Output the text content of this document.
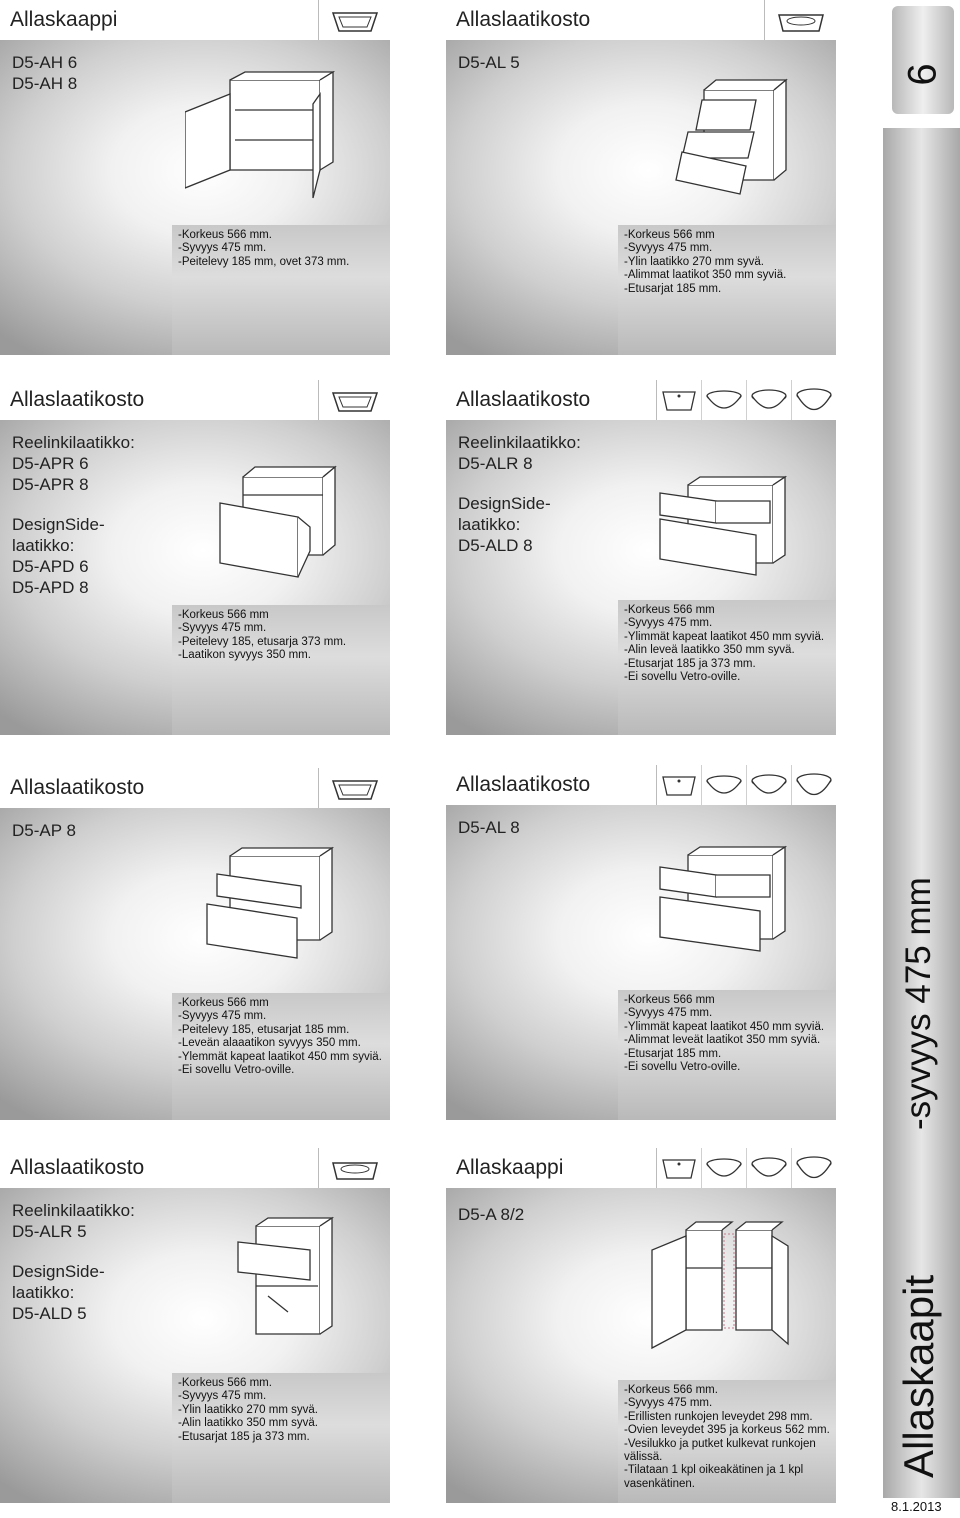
Allaskaappi
D5-AH 6
D5-AH 8
-Korkeus 566 mm.
-Syvyys 475 mm.
-Peitelevy 185 mm, ovet 373 mm.
Allaslaatikosto
D5-AL 5
-Korkeus 566 mm
-Syvyys 475 mm.
-Ylin laatikko 270 mm syvä.
-Alimmat laatikot 350 mm syviä.
-Etusarjat 185 mm.
Allaslaatikosto
Reelinkilaatikko:
D5-APR 6
D5-APR 8
DesignSide-
laatikko:
D5-APD 6
D5-APD 8
-Korkeus 566 mm
-Syvyys 475 mm.
-Peitelevy 185, etusarja 373 mm.
-Laatikon syvyys 350 mm.
Allaslaatikosto
Reelinkilaatikko:
D5-ALR 8
DesignSide-
laatikko:
D5-ALD 8
-Korkeus 566 mm
-Syvyys 475 mm.
-Ylimmät kapeat laatikot 450 mm syviä.
-Alin leveä laatikko 350 mm syvä.
-Etusarjat 185 ja 373 mm.
-Ei sovellu Vetro-oville.
Allaslaatikosto
D5-AP 8
-Korkeus 566 mm
-Syvyys 475 mm.
-Peitelevy 185, etusarjat 185 mm.
-Leveän alaaatikon syvyys 350 mm.
-Ylemmät kapeat laatikot 450 mm syviä.
-Ei sovellu Vetro-oville.
Allaslaatikosto
D5-AL 8
-Korkeus 566 mm
-Syvyys 475 mm.
-Ylimmät kapeat laatikot 450 mm syviä.
-Alimmat leveät laatikot 350 mm syviä.
-Etusarjat 185 mm.
-Ei sovellu Vetro-oville.
Allaslaatikosto
Reelinkilaatikko:
D5-ALR 5
DesignSide-
laatikko:
D5-ALD 5
-Korkeus 566 mm.
-Syvyys 475 mm.
-Ylin laatikko 270 mm syvä.
-Alin laatikko 350 mm syvä.
-Etusarjat 185 ja 373 mm.
Allaskaappi
D5-A 8/2
-Korkeus 566 mm.
-Syvyys 475 mm.
-Erillisten runkojen leveydet 298 mm.
-Ovien leveydet 395 ja korkeus 562 mm.
-Vesilukko ja putket kulkevat runkojen
välissä.
-Tilataan 1 kpl oikeakätinen ja 1 kpl
vasenkätinen.
6
-syvyys 475 mm
Allaskaapit
8.1.2013
